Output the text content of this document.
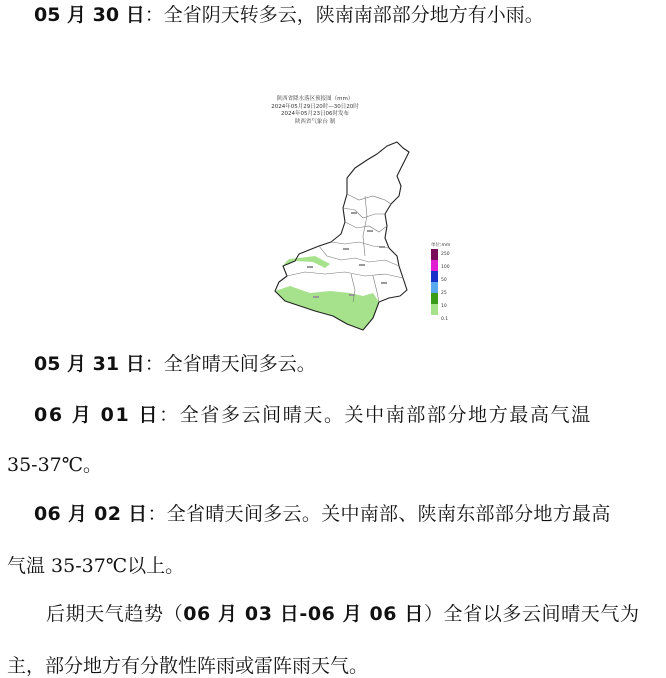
05 月 30 日：全省阴天转多云，陕南南部部分地方有小雨。
陕西省降水落区预报图（mm）
2024年05月29日20时—30日20时
2024年05月23日06时发布
陕西省气象台 制
单位:mm
250
100
50
25
10
0.1
05 月 31 日：全省晴天间多云。
06 月 01 日：全省多云间晴天。关中南部部分地方最高气温
35-37℃。
06 月 02 日：全省晴天间多云。关中南部、陕南东部部分地方最高
气温 35-37℃以上。
后期天气趋势（06 月 03 日-06 月 06 日）全省以多云间晴天气为
主，部分地方有分散性阵雨或雷阵雨天气。
